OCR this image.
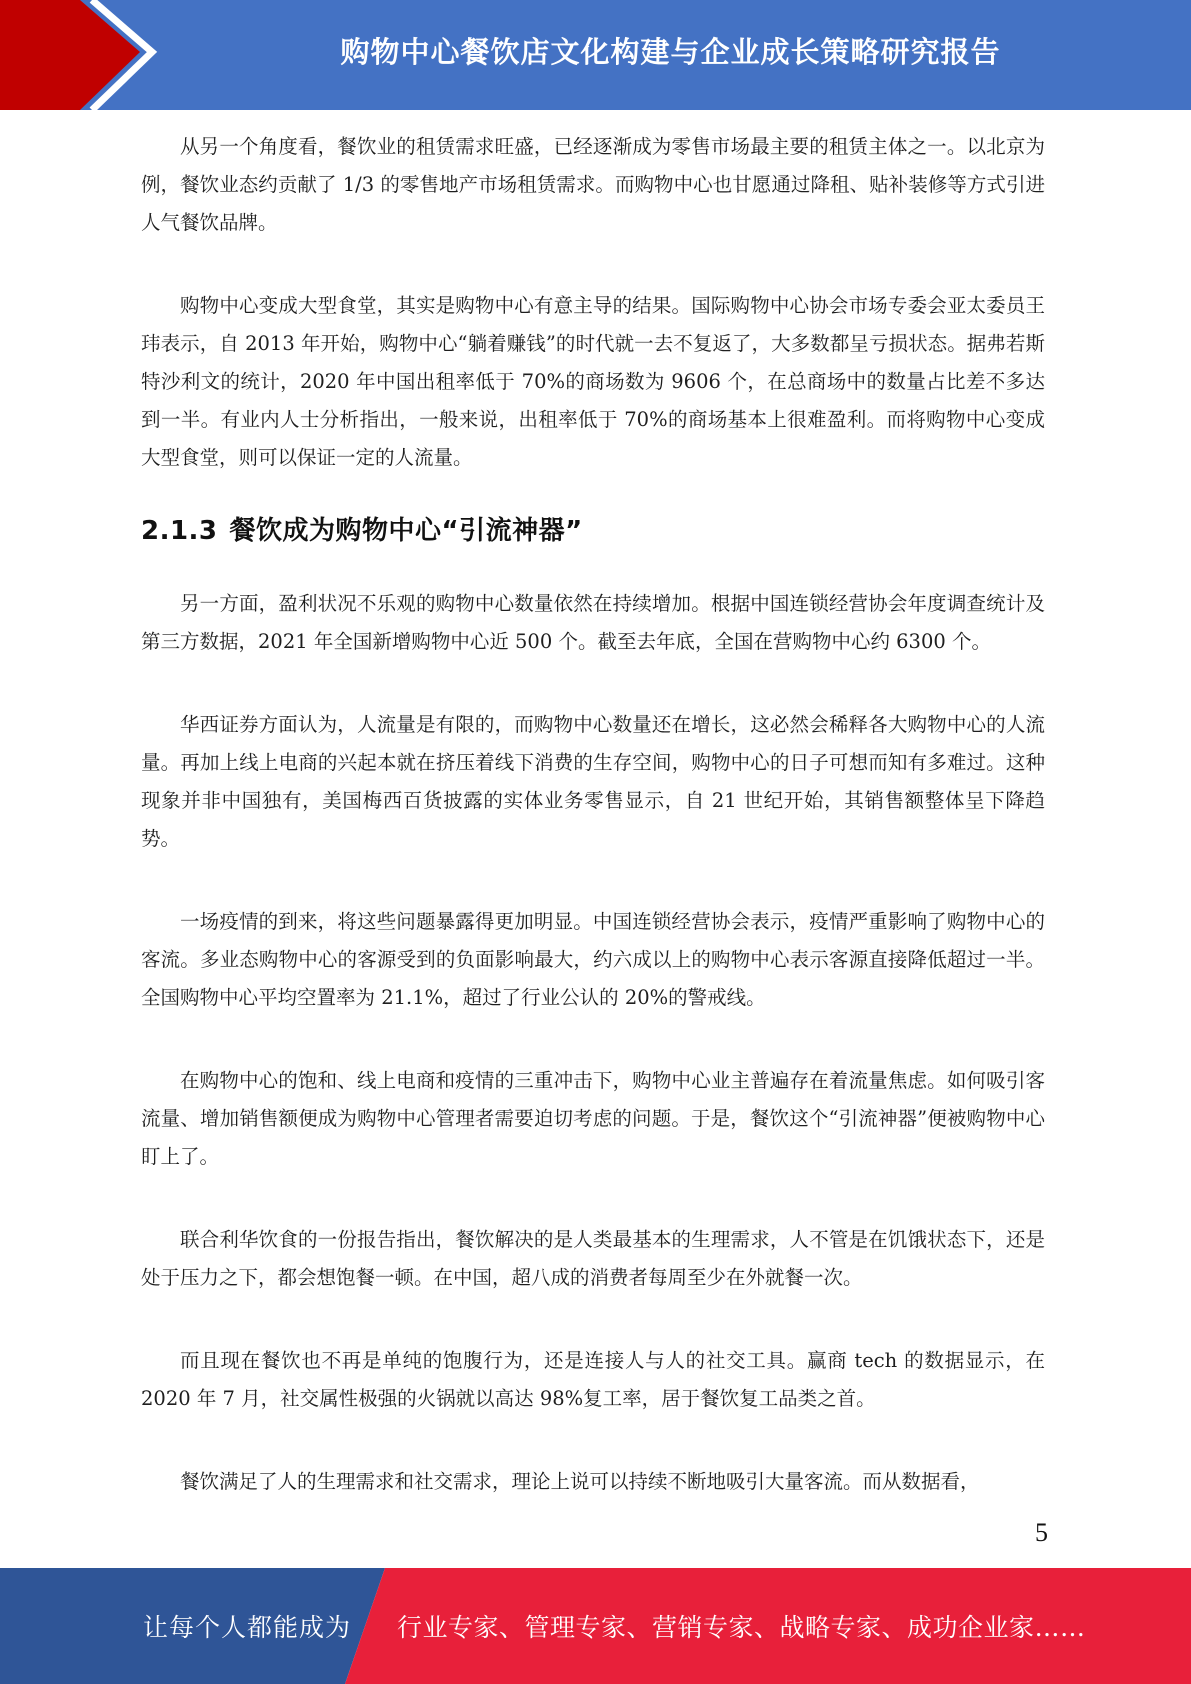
购物中心餐饮店文化构建与企业成长策略研究报告

从另一个角度看，餐饮业的租赁需求旺盛，已经逐渐成为零售市场最主要的租赁主体之一。以北京为例，餐饮业态约贡献了 1/3 的零售地产市场租赁需求。而购物中心也甘愿通过降租、贴补装修等方式引进人气餐饮品牌。

购物中心变成大型食堂，其实是购物中心有意主导的结果。国际购物中心协会市场专委会亚太委员王玮表示，自 2013 年开始，购物中心“躺着赚钱”的时代就一去不复返了，大多数都呈亏损状态。据弗若斯特沙利文的统计，2020 年中国出租率低于 70%的商场数为 9606 个，在总商场中的数量占比差不多达到一半。有业内人士分析指出，一般来说，出租率低于 70%的商场基本上很难盈利。而将购物中心变成大型食堂，则可以保证一定的人流量。

2.1.3 餐饮成为购物中心“引流神器”

另一方面，盈利状况不乐观的购物中心数量依然在持续增加。根据中国连锁经营协会年度调查统计及第三方数据，2021 年全国新增购物中心近 500 个。截至去年底，全国在营购物中心约 6300 个。

华西证券方面认为，人流量是有限的，而购物中心数量还在增长，这必然会稀释各大购物中心的人流量。再加上线上电商的兴起本就在挤压着线下消费的生存空间，购物中心的日子可想而知有多难过。这种现象并非中国独有，美国梅西百货披露的实体业务零售显示，自 21 世纪开始，其销售额整体呈下降趋势。

一场疫情的到来，将这些问题暴露得更加明显。中国连锁经营协会表示，疫情严重影响了购物中心的客流。多业态购物中心的客源受到的负面影响最大，约六成以上的购物中心表示客源直接降低超过一半。全国购物中心平均空置率为 21.1%，超过了行业公认的 20%的警戒线。

在购物中心的饱和、线上电商和疫情的三重冲击下，购物中心业主普遍存在着流量焦虑。如何吸引客流量、增加销售额便成为购物中心管理者需要迫切考虑的问题。于是，餐饮这个“引流神器”便被购物中心盯上了。

联合利华饮食的一份报告指出，餐饮解决的是人类最基本的生理需求，人不管是在饥饿状态下，还是处于压力之下，都会想饱餐一顿。在中国，超八成的消费者每周至少在外就餐一次。

而且现在餐饮也不再是单纯的饱腹行为，还是连接人与人的社交工具。赢商 tech 的数据显示，在 2020 年 7 月，社交属性极强的火锅就以高达 98%复工率，居于餐饮复工品类之首。

餐饮满足了人的生理需求和社交需求，理论上说可以持续不断地吸引大量客流。而从数据看，

5
让每个人都能成为 行业专家、管理专家、营销专家、战略专家、成功企业家……
